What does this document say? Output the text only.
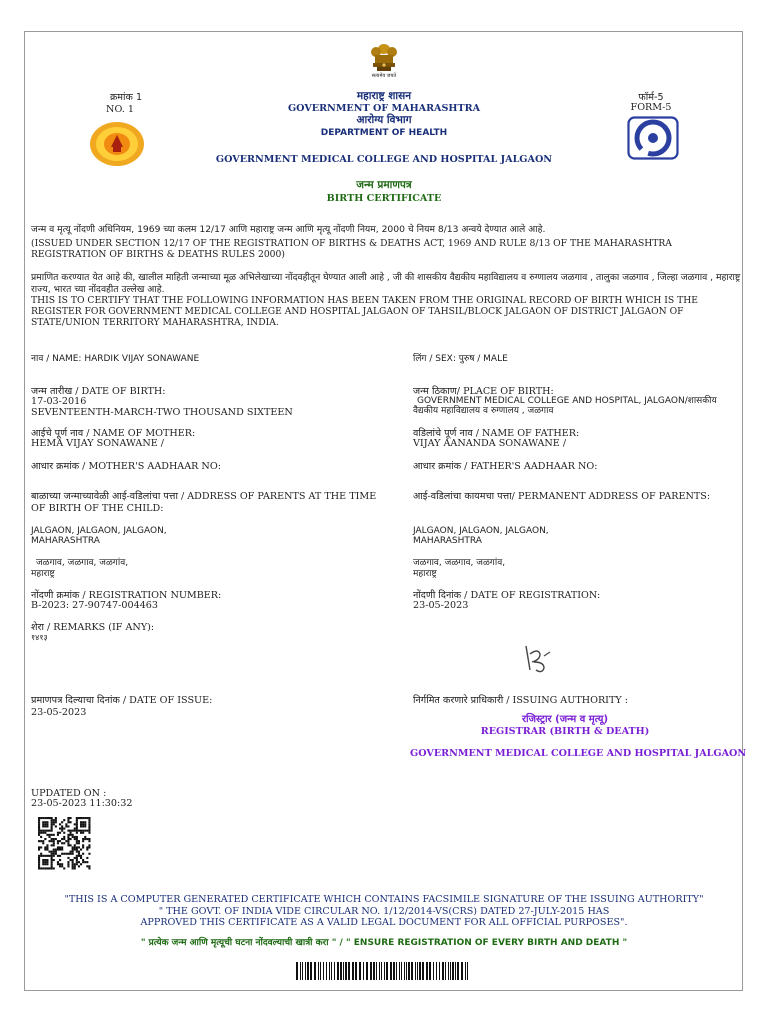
सत्यमेव जयते
क्रमांक 1
NO. 1
फॉर्म-5
FORM-5
महाराष्ट्र शासन
GOVERNMENT OF MAHARASHTRA
आरोग्य विभाग
DEPARTMENT OF HEALTH
GOVERNMENT MEDICAL COLLEGE AND HOSPITAL JALGAON
जन्म प्रमाणपत्र
BIRTH CERTIFICATE
जन्म व मृत्यू नोंदणी अधिनियम, 1969 च्या कलम 12/17 आणि महाराष्ट्र जन्म आणि मृत्यू नोंदणी नियम, 2000 चे नियम 8/13 अन्वये देण्यात आले आहे.
(ISSUED UNDER SECTION 12/17 OF THE REGISTRATION OF BIRTHS & DEATHS ACT, 1969 AND RULE 8/13 OF THE MAHARASHTRA REGISTRATION OF BIRTHS & DEATHS RULES 2000)
प्रमाणित करण्यात येत आहे की, खालील माहिती जन्माच्या मूळ अभिलेखाच्या नोंदवहीतून घेण्यात आली आहे , जी की शासकीय वैद्यकीय महाविद्यालय व रुग्णालय जळगाव , तालुका जळगाव , जिल्हा जळगाव , महाराष्ट्र राज्य, भारत च्या नोंदवहीत उल्लेख आहे.
THIS IS TO CERTIFY THAT THE FOLLOWING INFORMATION HAS BEEN TAKEN FROM THE ORIGINAL RECORD OF BIRTH WHICH IS THE REGISTER FOR GOVERNMENT MEDICAL COLLEGE AND HOSPITAL JALGAON OF TAHSIL/BLOCK JALGAON OF DISTRICT JALGAON OF STATE/UNION TERRITORY MAHARASHTRA, INDIA.
नाव / NAME: HARDIK VIJAY SONAWANE	लिंग / SEX: पुरुष / MALE
जन्म तारीख / DATE OF BIRTH:
17-03-2016
SEVENTEENTH-MARCH-TWO THOUSAND SIXTEEN
जन्म ठिकाण/ PLACE OF BIRTH:
GOVERNMENT MEDICAL COLLEGE AND HOSPITAL, JALGAON/शासकीय
वैद्यकीय महाविद्यालय व रुग्णालय , जळगाव
आईचे पूर्ण नाव / NAME OF MOTHER:
HEMA VIJAY SONAWANE /
वडिलांचे पूर्ण नाव / NAME OF FATHER:
VIJAY AANANDA SONAWANE /
आधार क्रमांक / MOTHER'S AADHAAR NO:	आधार क्रमांक / FATHER'S AADHAAR NO:
बाळाच्या जन्माच्यावेळी आई-वडिलांचा पत्ता / ADDRESS OF PARENTS AT THE TIME
OF BIRTH OF THE CHILD:
आई-वडिलांचा कायमचा पत्ता/ PERMANENT ADDRESS OF PARENTS:
JALGAON, JALGAON, JALGAON,
MAHARASHTRA
JALGAON, JALGAON, JALGAON,
MAHARASHTRA
जळगाव, जळगाव, जळगांव,
महाराष्ट्र
जळगाव, जळगाव, जळगांव,
महाराष्ट्र
नोंदणी क्रमांक / REGISTRATION NUMBER:
B-2023: 27-90747-004463
नोंदणी दिनांक / DATE OF REGISTRATION:
23-05-2023
शेरा / REMARKS (IF ANY):
१४१३
प्रमाणपत्र दिल्याचा दिनांक / DATE OF ISSUE:
23-05-2023
निर्गमित करणारे प्राधिकारी / ISSUING AUTHORITY :
रजिस्ट्रार (जन्म व मृत्यू)
REGISTRAR (BIRTH & DEATH)
GOVERNMENT MEDICAL COLLEGE AND HOSPITAL JALGAON
UPDATED ON :
23-05-2023 11:30:32
"THIS IS A COMPUTER GENERATED CERTIFICATE WHICH CONTAINS FACSIMILE SIGNATURE OF THE ISSUING AUTHORITY"
" THE GOVT. OF INDIA VIDE CIRCULAR NO. 1/12/2014-VS(CRS) DATED 27-JULY-2015 HAS
APPROVED THIS CERTIFICATE AS A VALID LEGAL DOCUMENT FOR ALL OFFICIAL PURPOSES".
" प्रत्येक जन्म आणि मृत्यूची घटना नोंदवल्याची खात्री करा " / " ENSURE REGISTRATION OF EVERY BIRTH AND DEATH "
